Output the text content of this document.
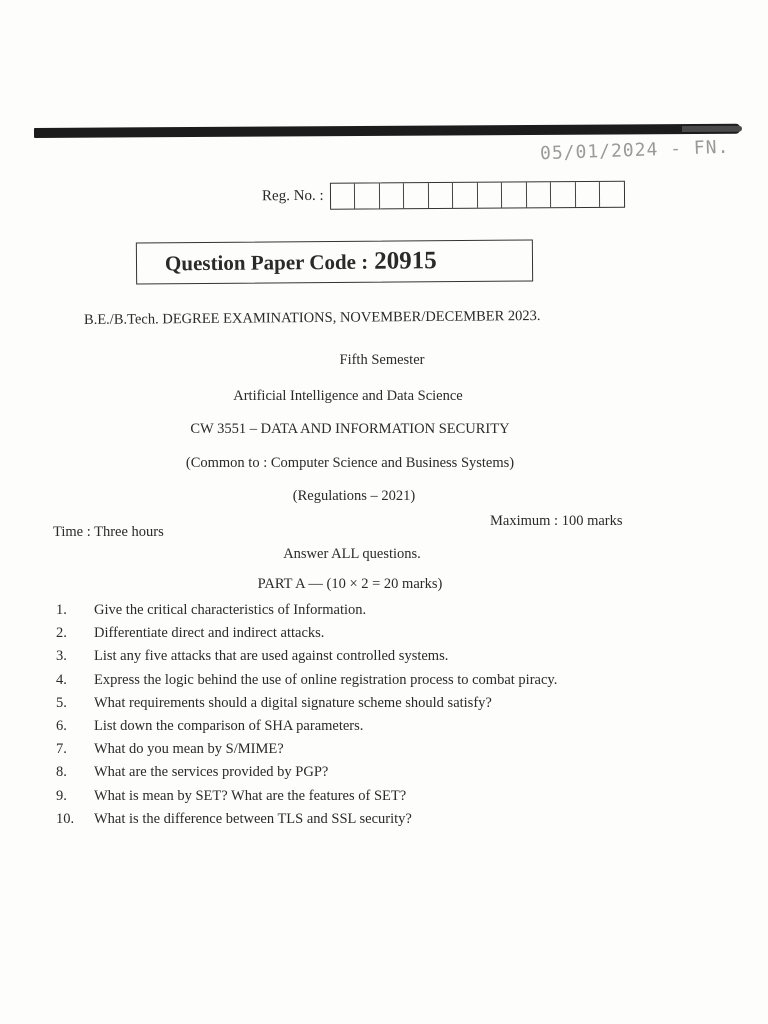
05/01/2024 - FN.
Reg. No. :
Question Paper Code : 20915
B.E./B.Tech. DEGREE EXAMINATIONS, NOVEMBER/DECEMBER 2023.
Fifth Semester
Artificial Intelligence and Data Science
CW 3551 – DATA AND INFORMATION SECURITY
(Common to : Computer Science and Business Systems)
(Regulations – 2021)
Time : Three hours
Maximum : 100 marks
Answer ALL questions.
PART A — (10 × 2 = 20 marks)
1.	Give the critical characteristics of Information.
2.	Differentiate direct and indirect attacks.
3.	List any five attacks that are used against controlled systems.
4.	Express the logic behind the use of online registration process to combat piracy.
5.	What requirements should a digital signature scheme should satisfy?
6.	List down the comparison of SHA parameters.
7.	What do you mean by S/MIME?
8.	What are the services provided by PGP?
9.	What is mean by SET? What are the features of SET?
10.	What is the difference between TLS and SSL security?
